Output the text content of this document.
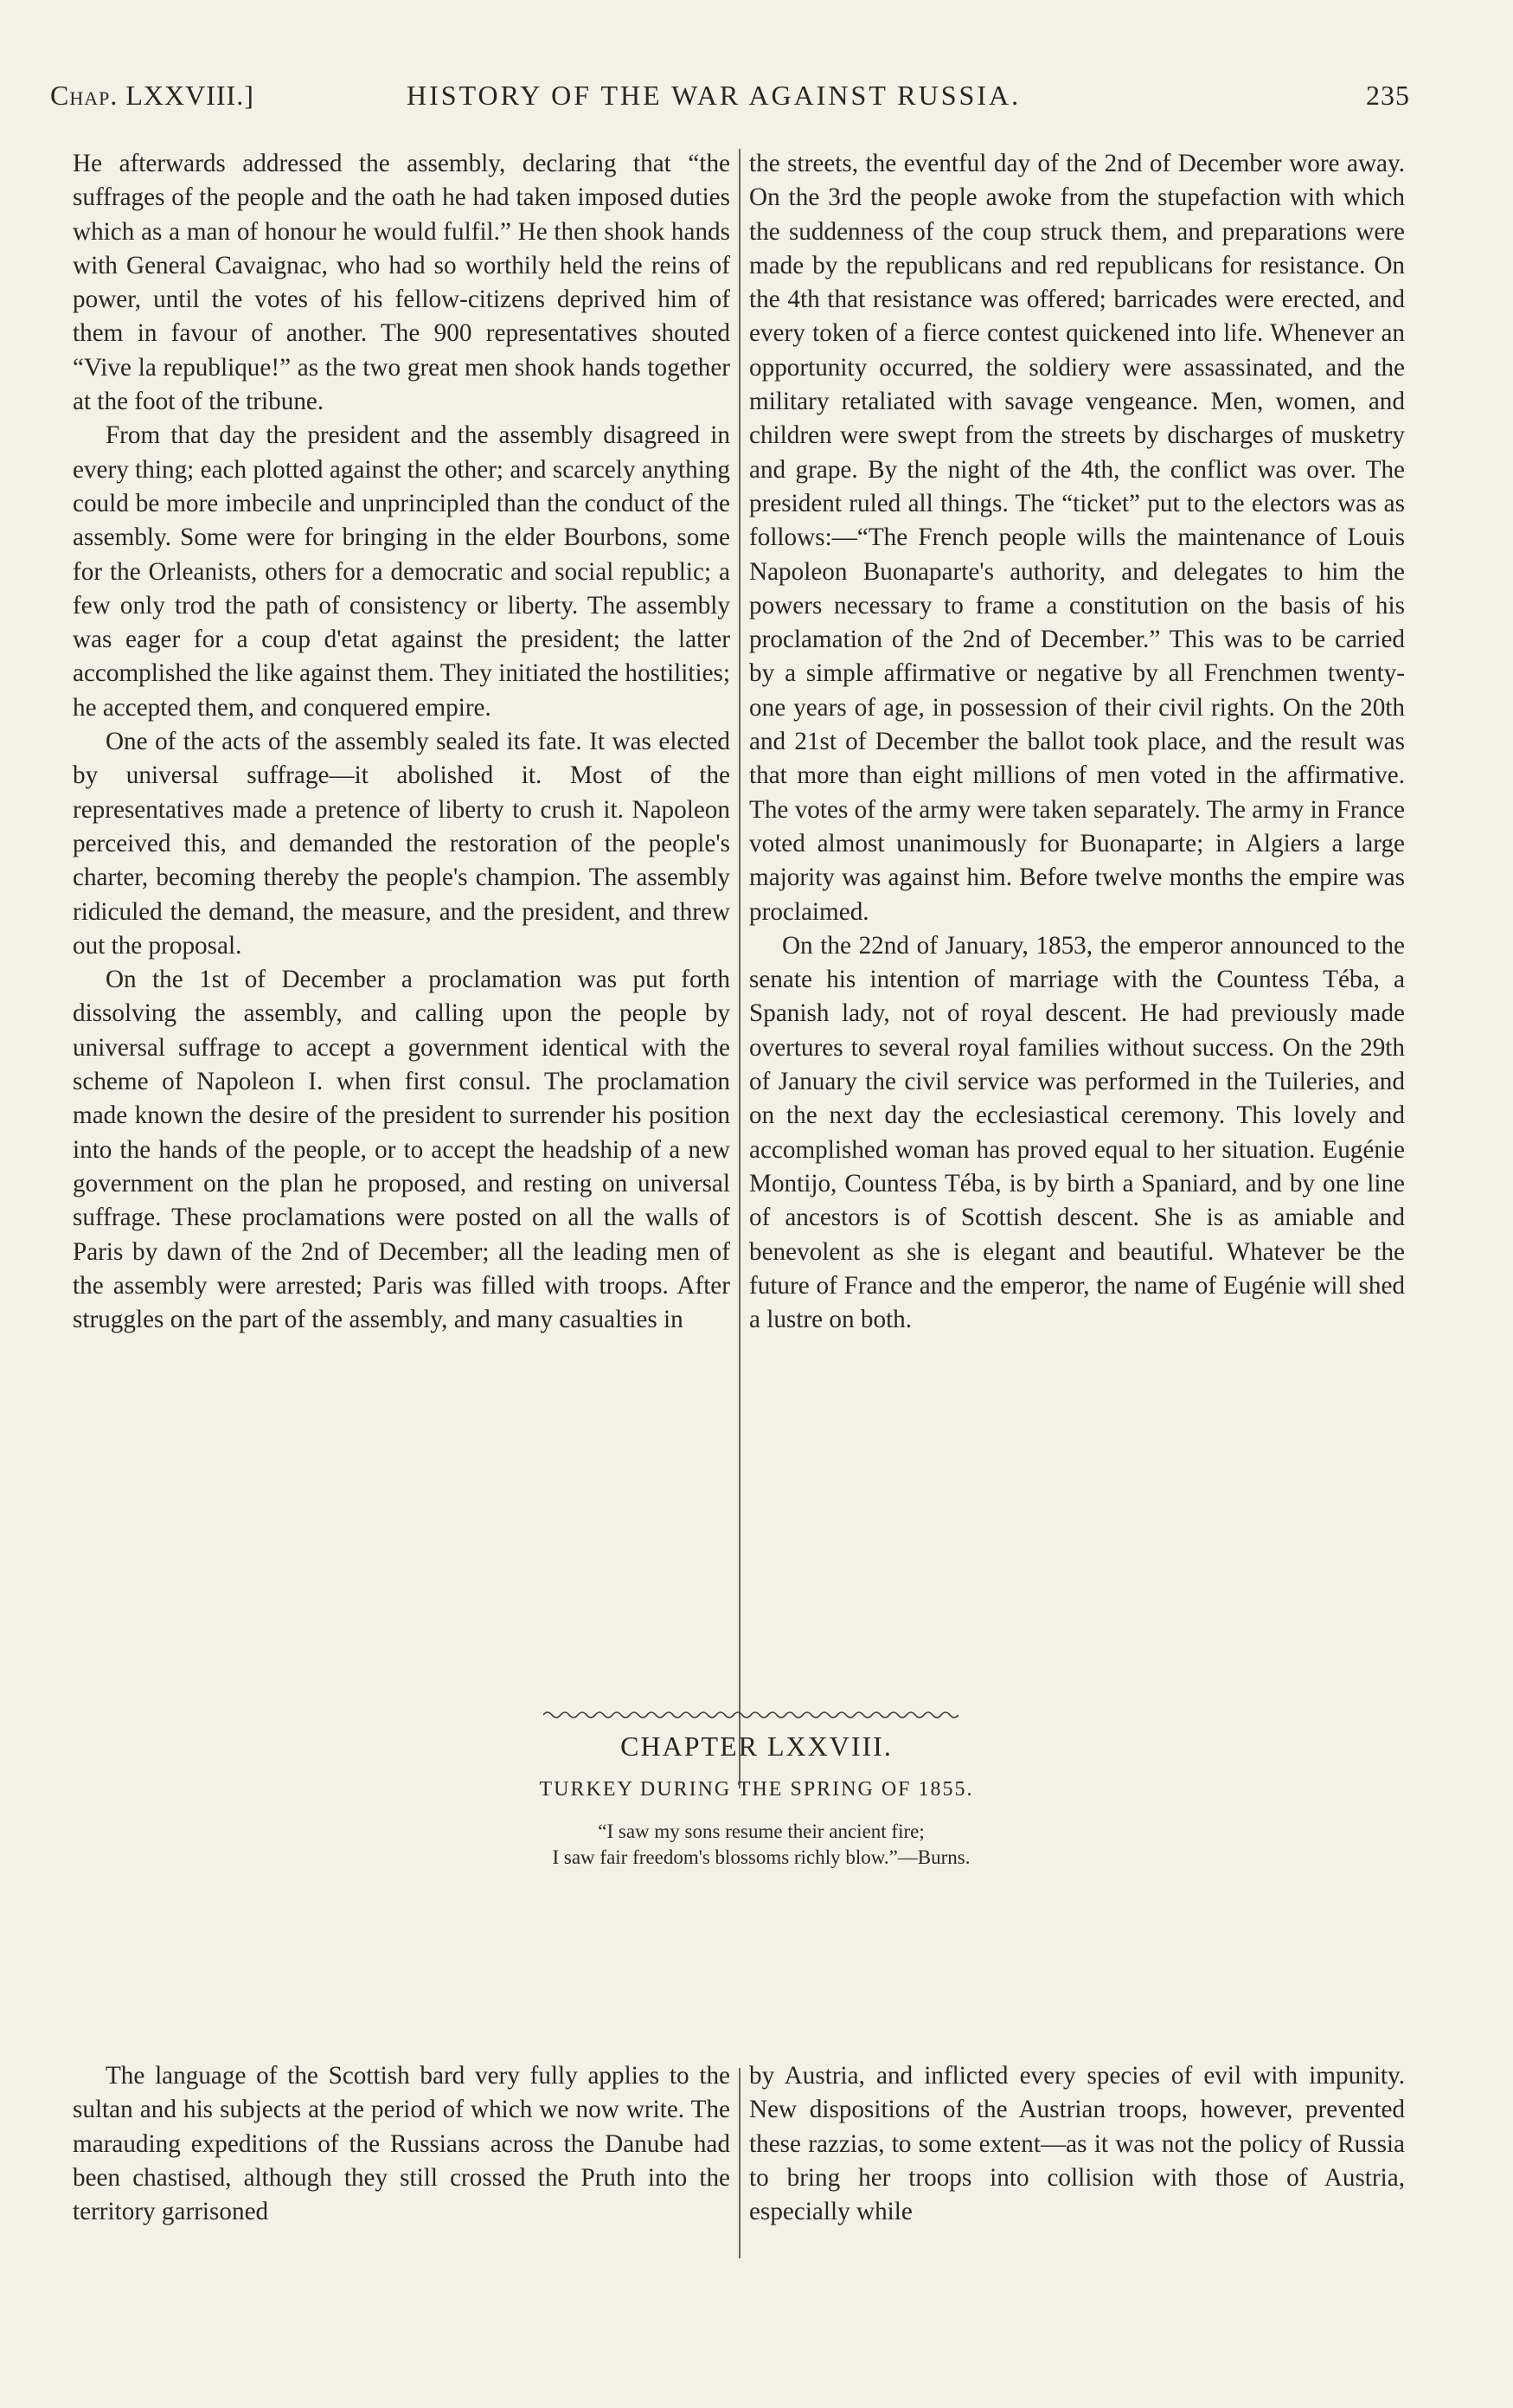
Chap. LXXVIII.]	HISTORY OF THE WAR AGAINST RUSSIA.	235

He afterwards addressed the assembly, declaring that “the suffrages of the people and the oath he had taken imposed duties which as a man of honour he would fulfil.” He then shook hands with General Cavaignac, who had so worthily held the reins of power, until the votes of his fellow-citizens deprived him of them in favour of another. The 900 representatives shouted “Vive la republique!” as the two great men shook hands together at the foot of the tribune.

From that day the president and the assembly disagreed in every thing; each plotted against the other; and scarcely anything could be more imbecile and unprincipled than the conduct of the assembly. Some were for bringing in the elder Bourbons, some for the Orleanists, others for a democratic and social republic; a few only trod the path of consistency or liberty. The assembly was eager for a coup d'etat against the president; the latter accomplished the like against them. They initiated the hostilities; he accepted them, and conquered empire.

One of the acts of the assembly sealed its fate. It was elected by universal suffrage—it abolished it. Most of the representatives made a pretence of liberty to crush it. Napoleon perceived this, and demanded the restoration of the people's charter, becoming thereby the people's champion. The assembly ridiculed the demand, the measure, and the president, and threw out the proposal.

On the 1st of December a proclamation was put forth dissolving the assembly, and calling upon the people by universal suffrage to accept a government identical with the scheme of Napoleon I. when first consul. The proclamation made known the desire of the president to surrender his position into the hands of the people, or to accept the headship of a new government on the plan he proposed, and resting on universal suffrage. These proclamations were posted on all the walls of Paris by dawn of the 2nd of December; all the leading men of the assembly were arrested; Paris was filled with troops. After struggles on the part of the assembly, and many casualties in

the streets, the eventful day of the 2nd of December wore away. On the 3rd the people awoke from the stupefaction with which the suddenness of the coup struck them, and preparations were made by the republicans and red republicans for resistance. On the 4th that resistance was offered; barricades were erected, and every token of a fierce contest quickened into life. Whenever an opportunity occurred, the soldiery were assassinated, and the military retaliated with savage vengeance. Men, women, and children were swept from the streets by discharges of musketry and grape. By the night of the 4th, the conflict was over. The president ruled all things. The “ticket” put to the electors was as follows:—“The French people wills the maintenance of Louis Napoleon Buonaparte's authority, and delegates to him the powers necessary to frame a constitution on the basis of his proclamation of the 2nd of December.” This was to be carried by a simple affirmative or negative by all Frenchmen twenty-one years of age, in possession of their civil rights. On the 20th and 21st of December the ballot took place, and the result was that more than eight millions of men voted in the affirmative. The votes of the army were taken separately. The army in France voted almost unanimously for Buonaparte; in Algiers a large majority was against him. Before twelve months the empire was proclaimed.

On the 22nd of January, 1853, the emperor announced to the senate his intention of marriage with the Countess Téba, a Spanish lady, not of royal descent. He had previously made overtures to several royal families without success. On the 29th of January the civil service was performed in the Tuileries, and on the next day the ecclesiastical ceremony. This lovely and accomplished woman has proved equal to her situation. Eugénie Montijo, Countess Téba, is by birth a Spaniard, and by one line of ancestors is of Scottish descent. She is as amiable and benevolent as she is elegant and beautiful. Whatever be the future of France and the emperor, the name of Eugénie will shed a lustre on both.

CHAPTER LXXVIII.
TURKEY DURING THE SPRING OF 1855.
“I saw my sons resume their ancient fire;
I saw fair freedom's blossoms richly blow.”—Burns.

The language of the Scottish bard very fully applies to the sultan and his subjects at the period of which we now write. The marauding expeditions of the Russians across the Danube had been chastised, although they still crossed the Pruth into the territory garrisoned

by Austria, and inflicted every species of evil with impunity. New dispositions of the Austrian troops, however, prevented these razzias, to some extent—as it was not the policy of Russia to bring her troops into collision with those of Austria, especially while
